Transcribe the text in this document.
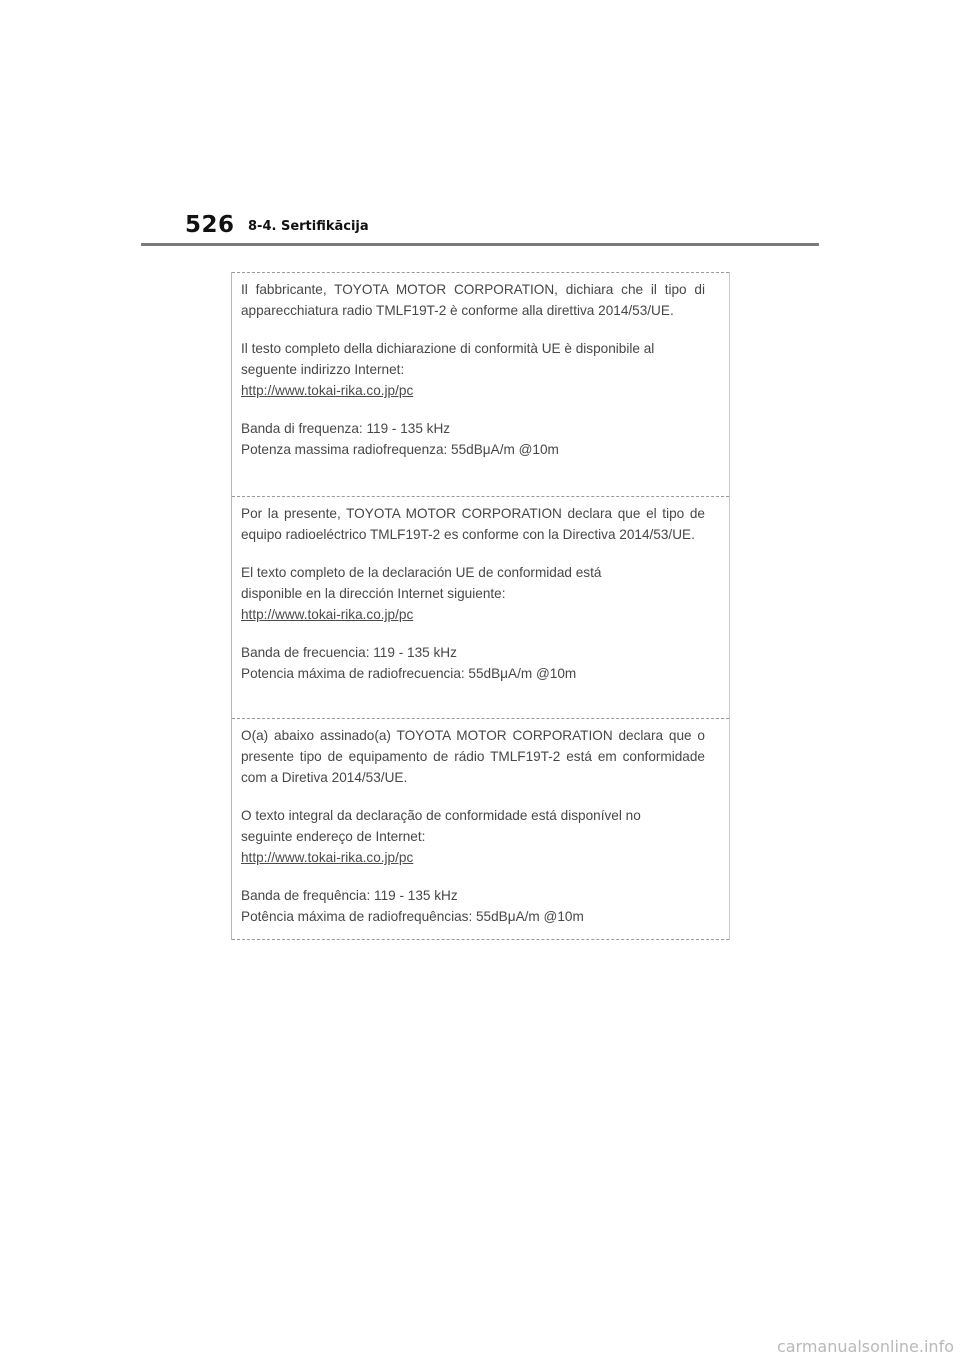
526 8-4. Sertifikācija

Il fabbricante, TOYOTA MOTOR CORPORATION, dichiara che il tipo di apparecchiatura radio TMLF19T-2 è conforme alla direttiva 2014/53/UE.

Il testo completo della dichiarazione di conformità UE è disponibile al
seguente indirizzo Internet:

http://www.tokai-rika.co.jp/pc

Banda di frequenza: 119 - 135 kHz

Potenza massima radiofrequenza: 55dBμA/m @10m

Por la presente, TOYOTA MOTOR CORPORATION declara que el tipo de equipo radioeléctrico TMLF19T-2 es conforme con la Directiva 2014/53/UE.

El texto completo de la declaración UE de conformidad está
disponible en la dirección Internet siguiente:

http://www.tokai-rika.co.jp/pc

Banda de frecuencia: 119 - 135 kHz

Potencia máxima de radiofrecuencia: 55dBμA/m @10m

O(a) abaixo assinado(a) TOYOTA MOTOR CORPORATION declara que o presente tipo de equipamento de rádio TMLF19T-2 está em conformidade com a Diretiva 2014/53/UE.

O texto integral da declaração de conformidade está disponível no
seguinte endereço de Internet:

http://www.tokai-rika.co.jp/pc

Banda de frequência: 119 - 135 kHz

Potência máxima de radiofrequências: 55dBμA/m @10m

carmanualsonline.info
